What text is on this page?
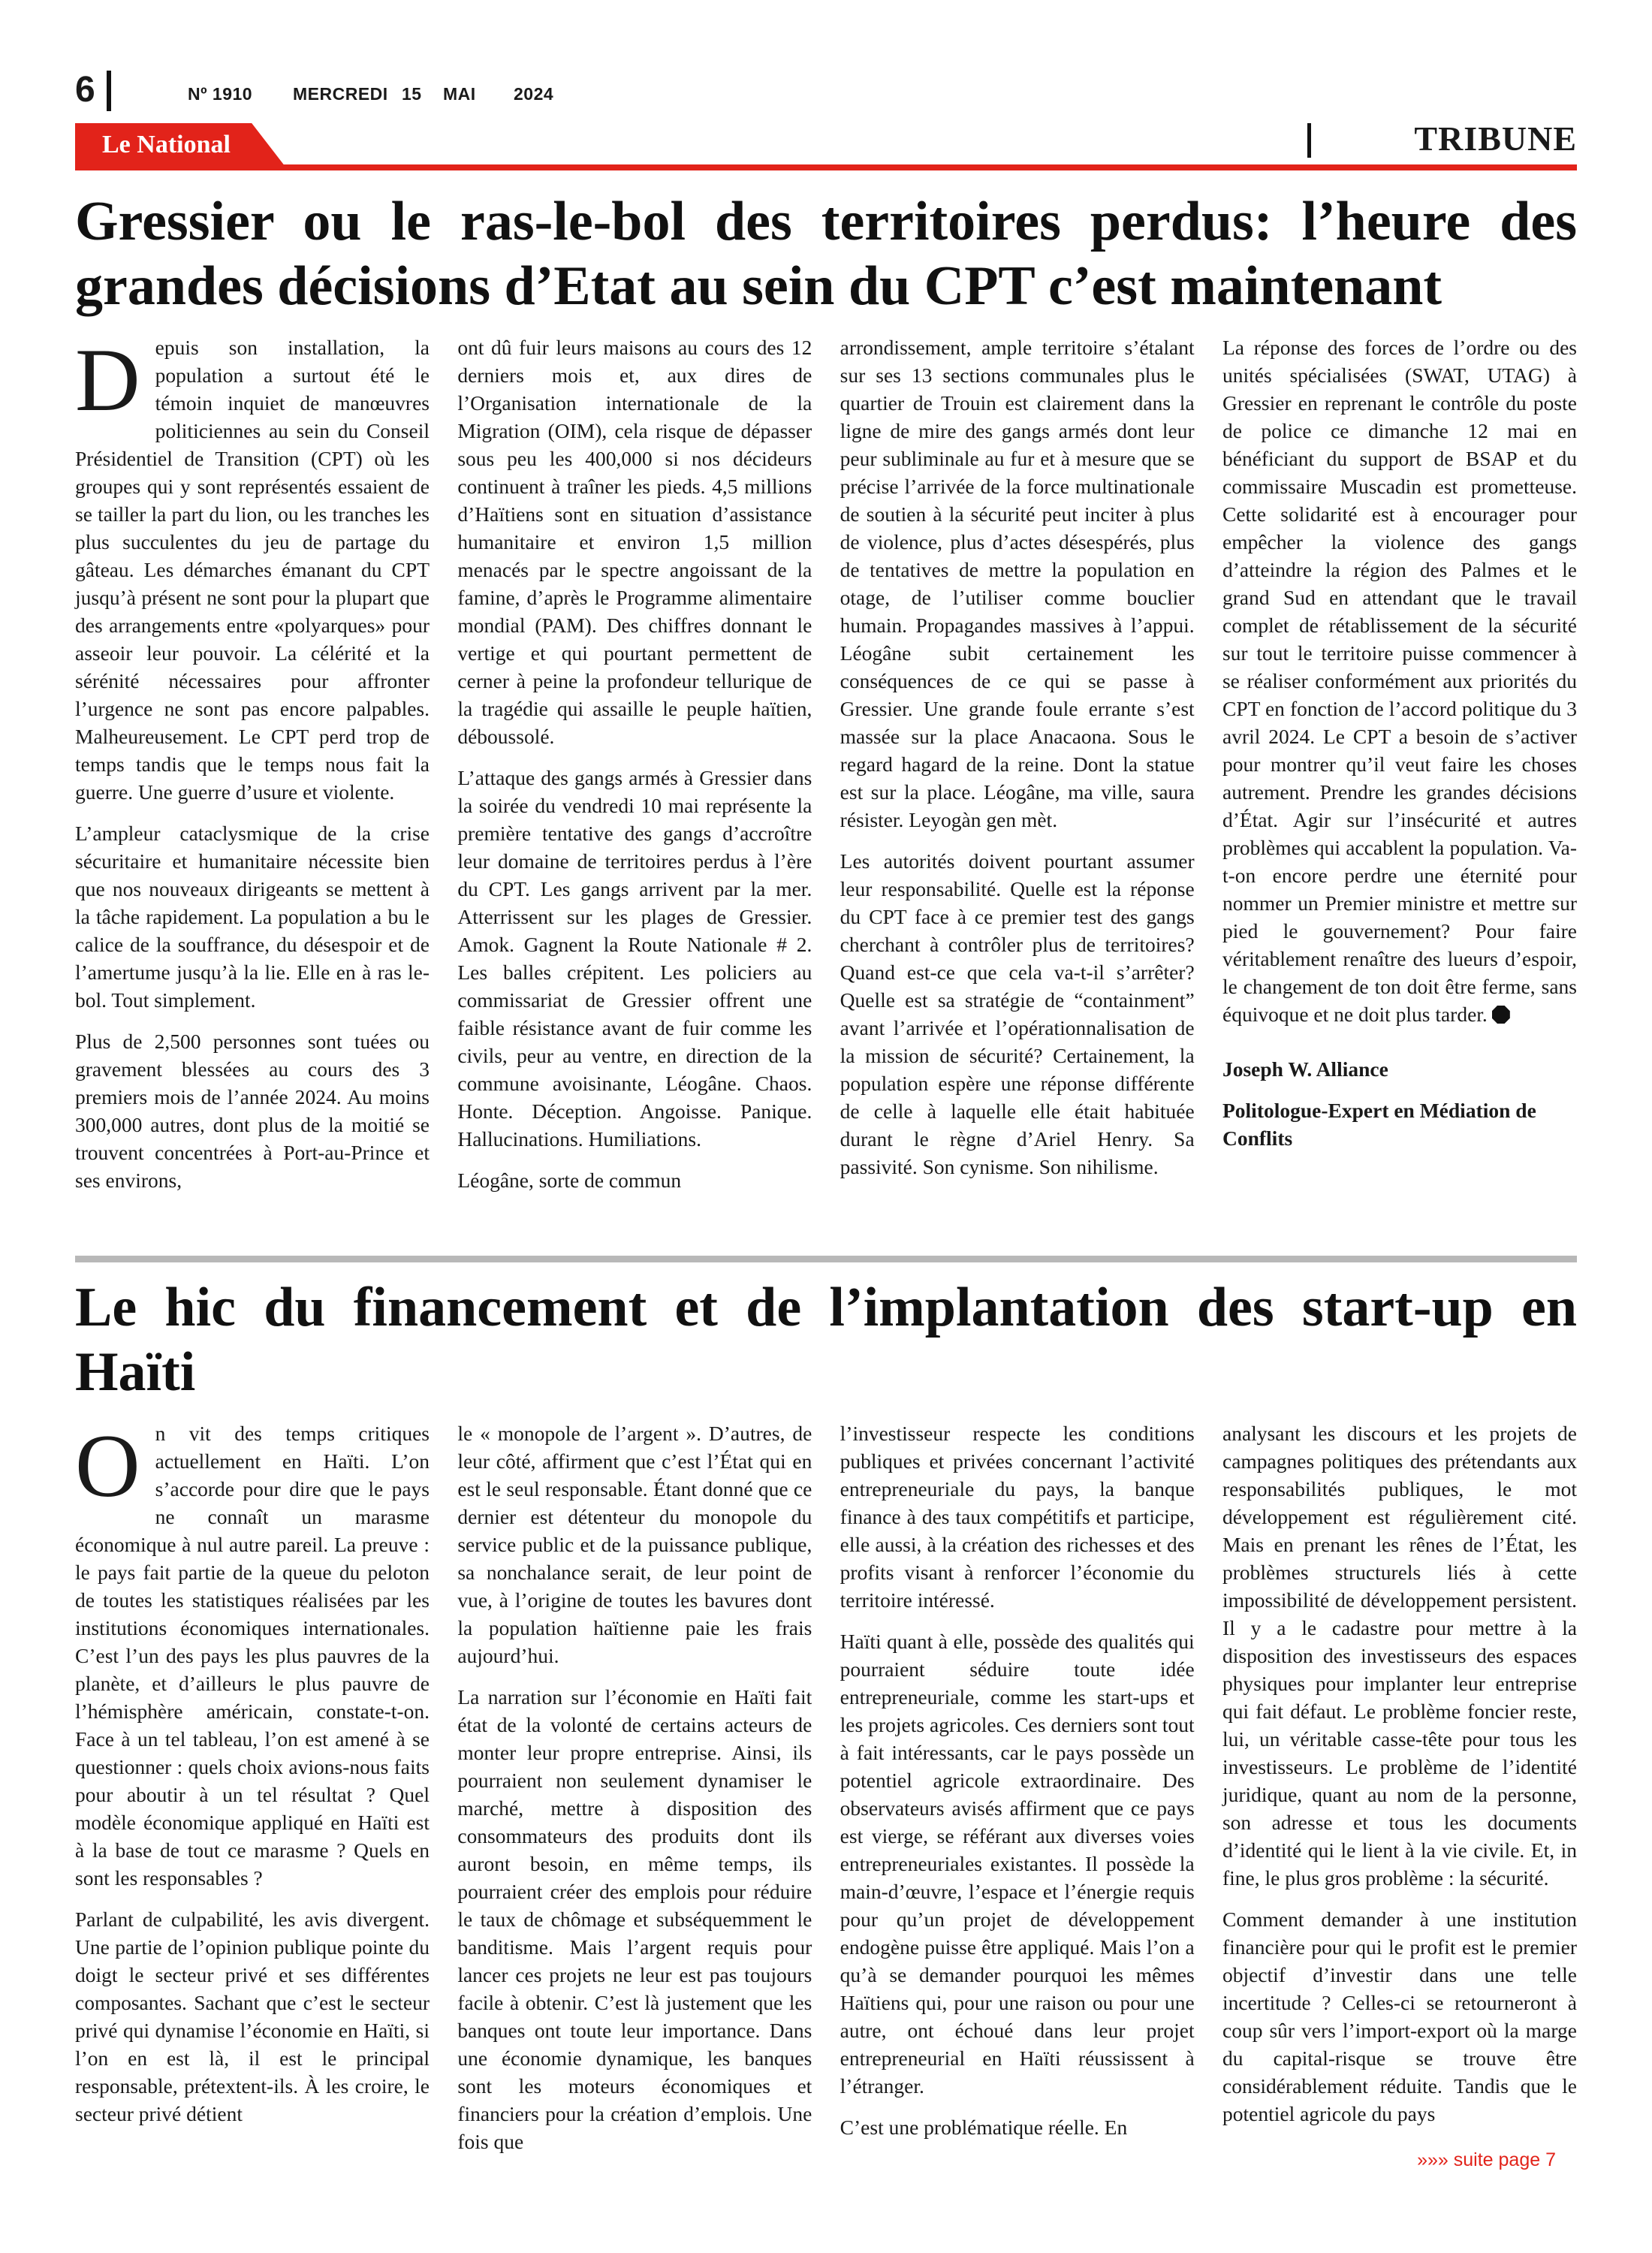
6	Nº 1910 MERCREDI 15 MAI 2024
Le National	TRIBUNE
Gressier ou le ras-le-bol des territoires perdus: l’heure des grandes décisions d’Etat au sein du CPT c’est maintenant

Depuis son installation, la population a surtout été le témoin inquiet de manœuvres politiciennes au sein du Conseil Présidentiel de Transition (CPT) où les groupes qui y sont représentés essaient de se tailler la part du lion, ou les tranches les plus succulentes du jeu de partage du gâteau. Les démarches émanant du CPT jusqu’à présent ne sont pour la plupart que des arrangements entre «polyarques» pour asseoir leur pouvoir. La célérité et la sérénité nécessaires pour affronter l’urgence ne sont pas encore palpables. Malheureusement. Le CPT perd trop de temps tandis que le temps nous fait la guerre. Une guerre d’usure et violente.

L’ampleur cataclysmique de la crise sécuritaire et humanitaire nécessite bien que nos nouveaux dirigeants se mettent à la tâche rapidement. La population a bu le calice de la souffrance, du désespoir et de l’amertume jusqu’à la lie. Elle en à ras le-bol. Tout simplement.

Plus de 2,500 personnes sont tuées ou gravement blessées au cours des 3 premiers mois de l’année 2024. Au moins 300,000 autres, dont plus de la moitié se trouvent concentrées à Port-au-Prince et ses environs,

ont dû fuir leurs maisons au cours des 12 derniers mois et, aux dires de l’Organisation internationale de la Migration (OIM), cela risque de dépasser sous peu les 400,000 si nos décideurs continuent à traîner les pieds. 4,5 millions d’Haïtiens sont en situation d’assistance humanitaire et environ 1,5 million menacés par le spectre angoissant de la famine, d’après le Programme alimentaire mondial (PAM). Des chiffres donnant le vertige et qui pourtant permettent de cerner à peine la profondeur tellurique de la tragédie qui assaille le peuple haïtien, déboussolé.

L’attaque des gangs armés à Gressier dans la soirée du vendredi 10 mai représente la première tentative des gangs d’accroître leur domaine de territoires perdus à l’ère du CPT. Les gangs arrivent par la mer. Atterrissent sur les plages de Gressier. Amok. Gagnent la Route Nationale # 2. Les balles crépitent. Les policiers au commissariat de Gressier offrent une faible résistance avant de fuir comme les civils, peur au ventre, en direction de la commune avoisinante, Léogâne. Chaos. Honte. Déception. Angoisse. Panique. Hallucinations. Humiliations.

Léogâne, sorte de commun

arrondissement, ample territoire s’étalant sur ses 13 sections communales plus le quartier de Trouin est clairement dans la ligne de mire des gangs armés dont leur peur subliminale au fur et à mesure que se précise l’arrivée de la force multinationale de soutien à la sécurité peut inciter à plus de violence, plus d’actes désespérés, plus de tentatives de mettre la population en otage, de l’utiliser comme bouclier humain. Propagandes massives à l’appui. Léogâne subit certainement les conséquences de ce qui se passe à Gressier. Une grande foule errante s’est massée sur la place Anacaona. Sous le regard hagard de la reine. Dont la statue est sur la place. Léogâne, ma ville, saura résister. Leyogàn gen mèt.

Les autorités doivent pourtant assumer leur responsabilité. Quelle est la réponse du CPT face à ce premier test des gangs cherchant à contrôler plus de territoires? Quand est-ce que cela va-t-il s’arrêter? Quelle est sa stratégie de “containment” avant l’arrivée et l’opérationnalisation de la mission de sécurité? Certainement, la population espère une réponse différente de celle à laquelle elle était habituée durant le règne d’Ariel Henry. Sa passivité. Son cynisme. Son nihilisme.

La réponse des forces de l’ordre ou des unités spécialisées (SWAT, UTAG) à Gressier en reprenant le contrôle du poste de police ce dimanche 12 mai en bénéficiant du support de BSAP et du commissaire Muscadin est prometteuse. Cette solidarité est à encourager pour empêcher la violence des gangs d’atteindre la région des Palmes et le grand Sud en attendant que le travail complet de rétablissement de la sécurité sur tout le territoire puisse commencer à se réaliser conformément aux priorités du CPT en fonction de l’accord politique du 3 avril 2024. Le CPT a besoin de s’activer pour montrer qu’il veut faire les choses autrement. Prendre les grandes décisions d’État. Agir sur l’insécurité et autres problèmes qui accablent la population. Va-t-on encore perdre une éternité pour nommer un Premier ministre et mettre sur pied le gouvernement? Pour faire véritablement renaître des lueurs d’espoir, le changement de ton doit être ferme, sans équivoque et ne doit plus tarder.

Joseph W. Alliance

Politologue-Expert en Médiation de Conflits

Le hic du financement et de l’implantation des start-up en Haïti

On vit des temps critiques actuellement en Haïti. L’on s’accorde pour dire que le pays ne connaît un marasme économique à nul autre pareil. La preuve : le pays fait partie de la queue du peloton de toutes les statistiques réalisées par les institutions économiques internationales. C’est l’un des pays les plus pauvres de la planète, et d’ailleurs le plus pauvre de l’hémisphère américain, constate-t-on. Face à un tel tableau, l’on est amené à se questionner : quels choix avions-nous faits pour aboutir à un tel résultat ? Quel modèle économique appliqué en Haïti est à la base de tout ce marasme ? Quels en sont les responsables ?

Parlant de culpabilité, les avis divergent. Une partie de l’opinion publique pointe du doigt le secteur privé et ses différentes composantes. Sachant que c’est le secteur privé qui dynamise l’économie en Haïti, si l’on en est là, il est le principal responsable, prétextent-ils. À les croire, le secteur privé détient

le « monopole de l’argent ». D’autres, de leur côté, affirment que c’est l’État qui en est le seul responsable. Étant donné que ce dernier est détenteur du monopole du service public et de la puissance publique, sa nonchalance serait, de leur point de vue, à l’origine de toutes les bavures dont la population haïtienne paie les frais aujourd’hui.

La narration sur l’économie en Haïti fait état de la volonté de certains acteurs de monter leur propre entreprise. Ainsi, ils pourraient non seulement dynamiser le marché, mettre à disposition des consommateurs des produits dont ils auront besoin, en même temps, ils pourraient créer des emplois pour réduire le taux de chômage et subséquemment le banditisme. Mais l’argent requis pour lancer ces projets ne leur est pas toujours facile à obtenir. C’est là justement que les banques ont toute leur importance. Dans une économie dynamique, les banques sont les moteurs économiques et financiers pour la création d’emplois. Une fois que

l’investisseur respecte les conditions publiques et privées concernant l’activité entrepreneuriale du pays, la banque finance à des taux compétitifs et participe, elle aussi, à la création des richesses et des profits visant à renforcer l’économie du territoire intéressé.

Haïti quant à elle, possède des qualités qui pourraient séduire toute idée entrepreneuriale, comme les start-ups et les projets agricoles. Ces derniers sont tout à fait intéressants, car le pays possède un potentiel agricole extraordinaire. Des observateurs avisés affirment que ce pays est vierge, se référant aux diverses voies entrepreneuriales existantes. Il possède la main-d’œuvre, l’espace et l’énergie requis pour qu’un projet de développement endogène puisse être appliqué. Mais l’on a qu’à se demander pourquoi les mêmes Haïtiens qui, pour une raison ou pour une autre, ont échoué dans leur projet entrepreneurial en Haïti réussissent à l’étranger.

C’est une problématique réelle. En

analysant les discours et les projets de campagnes politiques des prétendants aux responsabilités publiques, le mot développement est régulièrement cité. Mais en prenant les rênes de l’État, les problèmes structurels liés à cette impossibilité de développement persistent. Il y a le cadastre pour mettre à la disposition des investisseurs des espaces physiques pour implanter leur entreprise qui fait défaut. Le problème foncier reste, lui, un véritable casse-tête pour tous les investisseurs. Le problème de l’identité juridique, quant au nom de la personne, son adresse et tous les documents d’identité qui le lient à la vie civile. Et, in fine, le plus gros problème : la sécurité.

Comment demander à une institution financière pour qui le profit est le premier objectif d’investir dans une telle incertitude ? Celles-ci se retourneront à coup sûr vers l’import-export où la marge du capital-risque se trouve être considérablement réduite. Tandis que le potentiel agricole du pays

»»» suite page 7
